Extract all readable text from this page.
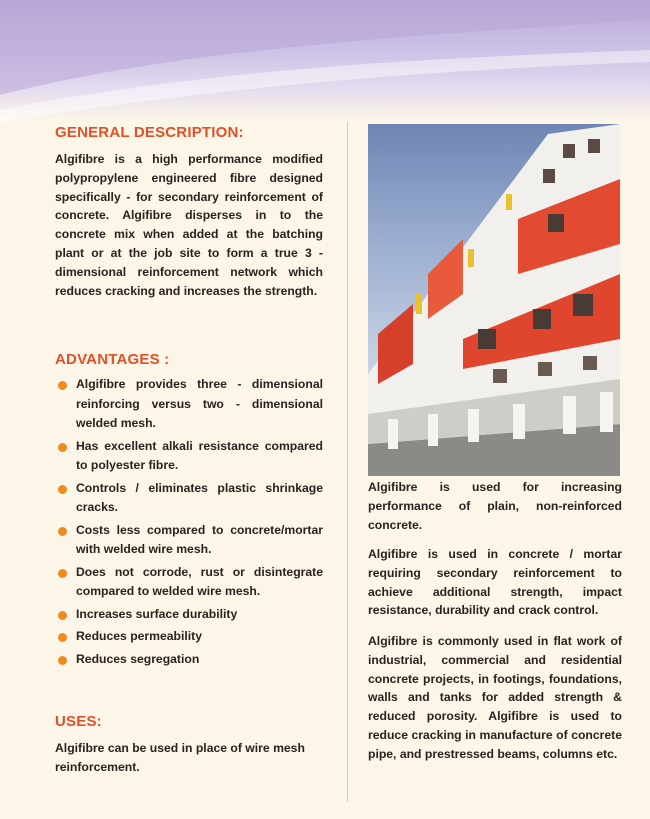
GENERAL DESCRIPTION:

Algifibre is a high performance modified polypropylene engineered fibre designed specifically - for secondary reinforcement of concrete. Algifibre disperses in to the concrete mix when added at the batching plant or at the job site to form a true 3 - dimensional reinforcement network which reduces cracking and increases the strength.

ADVANTAGES :
Algifibre provides three - dimensional reinforcing versus two - dimensional welded mesh.
Has excellent alkali resistance compared to polyester fibre.
Controls / eliminates plastic shrinkage cracks.
Costs less compared to concrete/mortar with welded wire mesh.
Does not corrode, rust or disintegrate compared to welded wire mesh.
Increases surface durability
Reduces permeability
Reduces segregation
USES:

Algifibre can be used in place of wire mesh reinforcement.

Algifibre is used for increasing performance of plain, non-reinforced concrete.

Algifibre is used in concrete / mortar requiring secondary reinforcement to achieve additional strength, impact resistance, durability and crack control.

Algifibre is commonly used in flat work of industrial, commercial and residential concrete projects, in footings, foundations, walls and tanks for added strength & reduced porosity. Algifibre is used to reduce cracking in manufacture of concrete pipe, and prestressed beams, columns etc.
